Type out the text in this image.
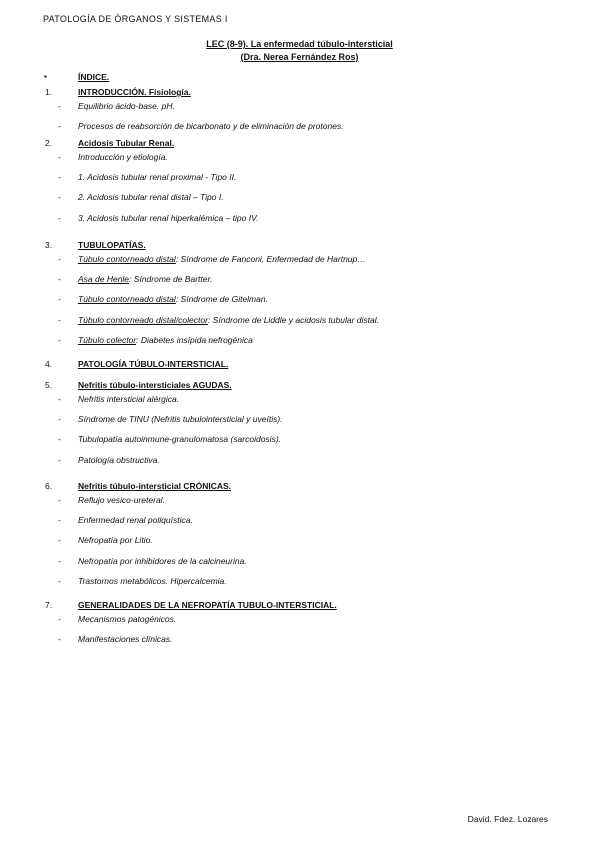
PATOLOGÍA DE ÓRGANOS Y SISTEMAS I
LEC (8-9). La enfermedad túbulo-intersticial
(Dra. Nerea Fernández Ros)
▪	ÍNDICE.
1.	INTRODUCCIÓN. Fisiología.
- Equilibrio ácido-base. pH.
- Procesos de reabsorción de bicarbonato y de eliminación de protones.
2.	Acidosis Tubular Renal.
- Introducción y etiología.
- 1. Acidosis tubular renal proximal - Tipo II.
- 2. Acidosis tubular renal distal – Tipo I.
- 3. Acidosis tubular renal hiperkalémica – tipo IV.
3.	TUBULOPATÍAS.
- Túbulo contorneado distal: Síndrome de Fanconi, Enfermedad de Hartnup…
- Asa de Henle: Síndrome de Bartter.
- Túbulo contorneado distal: Síndrome de Gitelman.
- Túbulo contorneado distal/colector: Síndrome de Liddle y acidosis tubular distal.
- Túbulo colector: Diabetes insípida nefrogénica
4.	PATOLOGÍA TÚBULO-INTERSTICIAL.
5.	Nefritis túbulo-intersticiales AGUDAS.
- Nefritis intersticial alérgica.
- Síndrome de TINU (Nefritis tubulointersticial y uveítis).
- Tubulopatía autoinmune-granulomatosa (sarcoidosis).
- Patología obstructiva.
6.	Nefritis túbulo-intersticial CRÓNICAS.
- Reflujo vesico-ureteral.
- Enfermedad renal poliquística.
- Nefropatía por Litio.
- Nefropatía por inhibidores de la calcineurina.
- Trastornos metabólicos. Hipercalcemia.
7.	GENERALIDADES DE LA NEFROPATÍA TUBULO-INTERSTICIAL.
- Mecanismos patogénicos.
- Manifestaciones clínicas.
David. Fdez. Lozares
